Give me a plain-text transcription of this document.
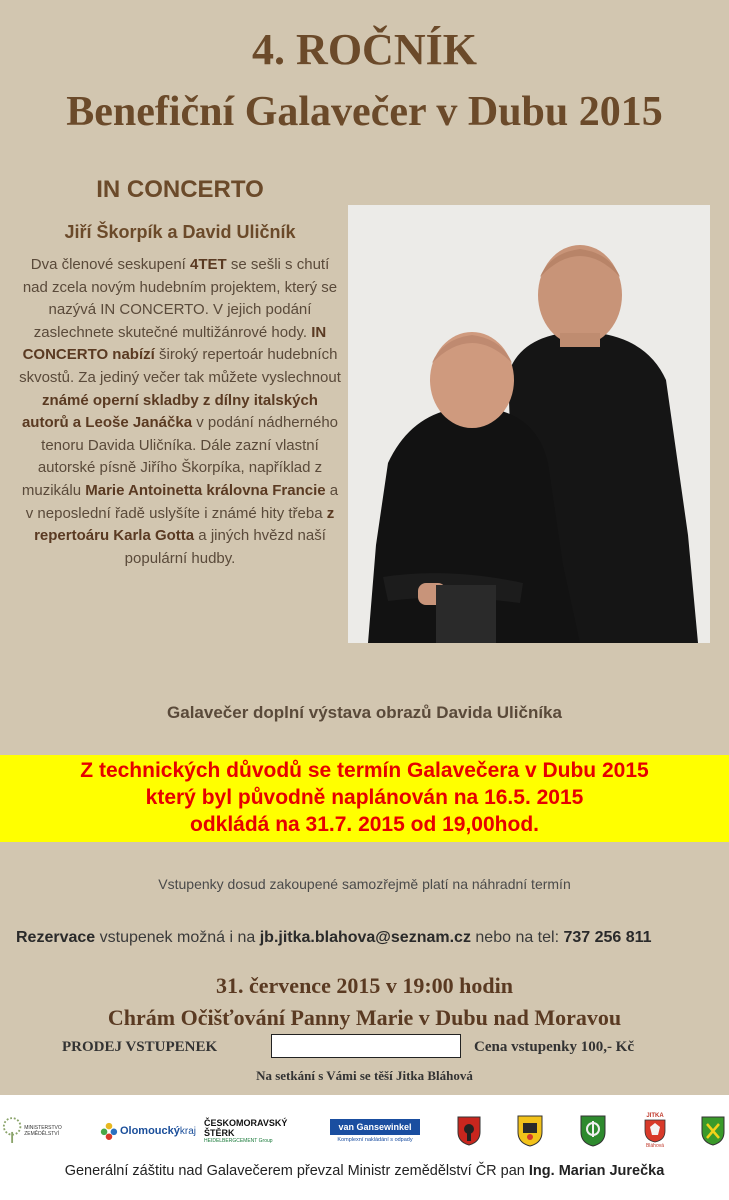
4. ROČNÍK
Benefiční Galavečer v Dubu 2015
IN CONCERTO
Jiří Škorpík a David Uličník
Dva členové seskupení 4TET se sešli s chutí nad zcela novým hudebním projektem, který se nazývá IN CONCERTO. V jejich podání zaslechnete skutečné multižánrové hody. IN CONCERTO nabízí široký repertoár hudebních skvostů. Za jediný večer tak můžete vyslechnout známé operní skladby z dílny italských autorů a Leoše Janáčka v podání nádherného tenoru Davida Uličníka. Dále zazní vlastní autorské písně Jiřího Škorpíka, například z muzikálu Marie Antoinetta královna Francie a v neposlední řadě uslyšíte i známé hity třeba z repertoáru Karla Gotta a jiných hvězd naší populární hudby.
Galavečer doplní výstava obrazů Davida Uličníka
Z technických důvodů se termín Galavečera v Dubu 2015
který byl původně naplánován na 16.5. 2015
odkládá na 31.7. 2015 od 19,00hod.
Vstupenky dosud zakoupené samozřejmě platí na náhradní termín
Rezervace vstupenek možná i na jb.jitka.blahova@seznam.cz nebo na tel: 737 256 811
31. července 2015 v 19:00 hodin
Chrám Očišťování Panny Marie v Dubu nad Moravou
PRODEJ VSTUPENEK	Cena vstupenky 100,- Kč
Na setkání s Vámi se těší Jitka Bláhová
MINISTERSTVO ZEMĚDĚLSTVÍ	Olomoucký kraj
ČESKOMORAVSKÝ
ŠTĚRK
HEIDELBERGCEMENT Group
van Gansewinkel
Komplexní nakládání s odpady
JITKA
Bláhová
Generální záštitu nad Galavečerem převzal Ministr zemědělství ČR pan Ing. Marian Jurečka
